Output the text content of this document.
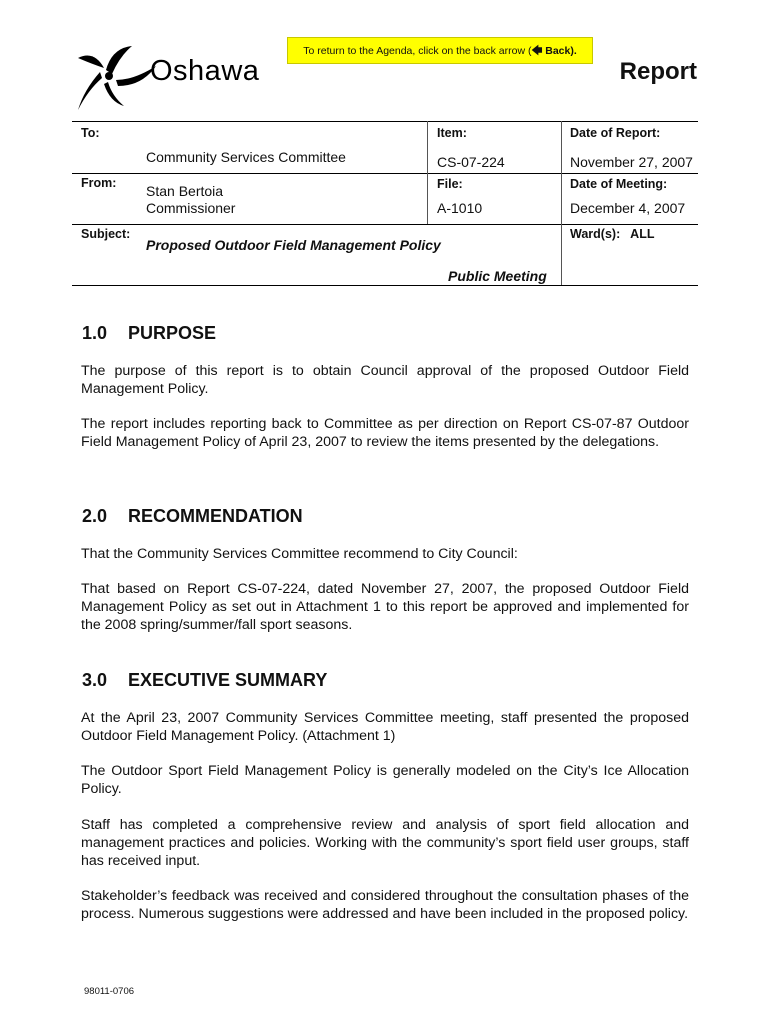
To return to the Agenda, click on the back arrow (🡄 Back).
Oshawa	Report
To:
Community Services Committee
From: Stan Bertoia
Commissioner
Subject:
Proposed Outdoor Field Management Policy
Public Meeting
Item:
CS-07-224
File:
A-1010
Date of Report:
November 27, 2007
Date of Meeting:
December 4, 2007
Ward(s):   ALL
1.0 PURPOSE
The purpose of this report is to obtain Council approval of the proposed Outdoor Field Management Policy.
The report includes reporting back to Committee as per direction on Report CS-07-87 Outdoor Field Management Policy of April 23, 2007 to review the items presented by the delegations.
2.0 RECOMMENDATION
That the Community Services Committee recommend to City Council:
That based on Report CS-07-224, dated November 27, 2007, the proposed Outdoor Field Management Policy as set out in Attachment 1 to this report be approved and implemented for the 2008 spring/summer/fall sport seasons.
3.0 EXECUTIVE SUMMARY
At the April 23, 2007 Community Services Committee meeting, staff presented the proposed Outdoor Field Management Policy. (Attachment 1)
The Outdoor Sport Field Management Policy is generally modeled on the City’s Ice Allocation Policy.
Staff has completed a comprehensive review and analysis of sport field allocation and management practices and policies. Working with the community’s sport field user groups, staff has received input.
Stakeholder’s feedback was received and considered throughout the consultation phases of the process. Numerous suggestions were addressed and have been included in the proposed policy.
98011-0706
